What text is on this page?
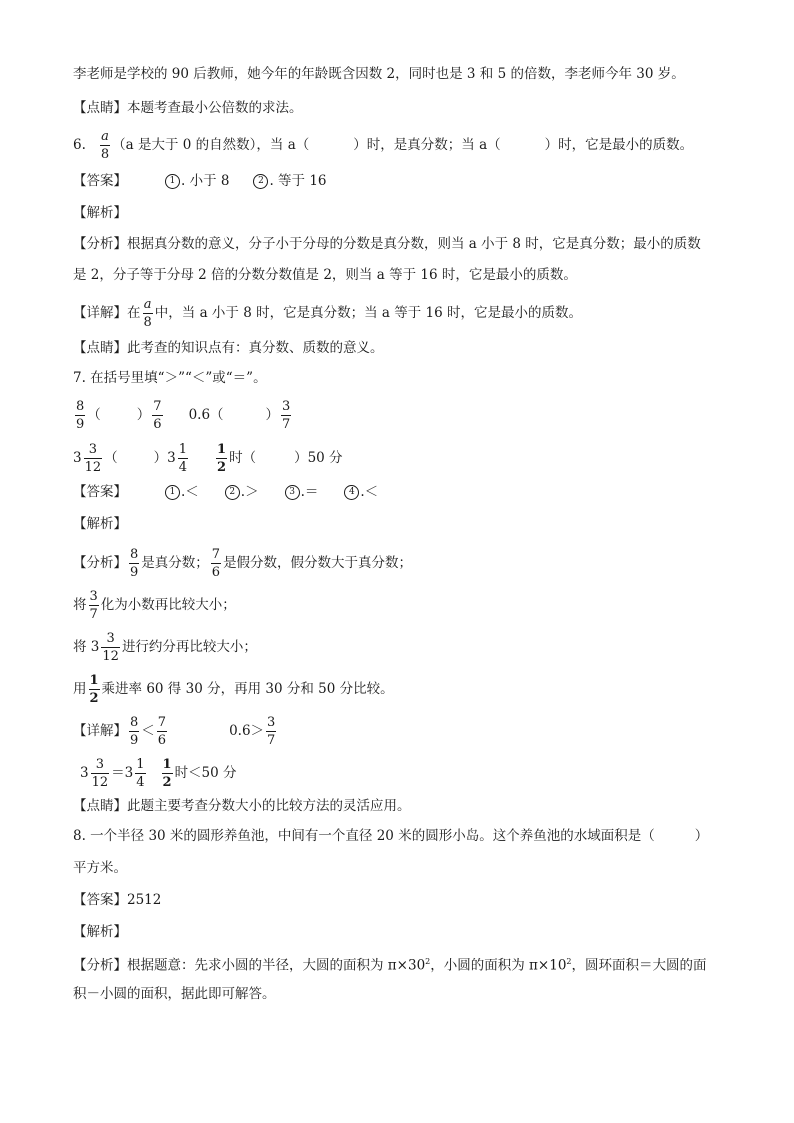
李老师是学校的 90 后教师，她今年的年龄既含因数 2，同时也是 3 和 5 的倍数，李老师今年 30 岁。
【点睛】本题考查最小公倍数的求法。
6. $\frac{a}{8} (a$ 是大于 0 的自然数），当 a（	）时，是真分数；当 a（	）时，它是最小的质数。
【答案】	1 . 小于 8	2 . 等于 16
【解析】
【分析】根据真分数的意义，分子小于分母的分数是真分数，则当 a 小于 8 时，它是真分数；最小的质数
是 2，分子等于分母 2 倍的分数分数值是 2，则当 a 等于 16 时，它是最小的质数。
【详解】在 $\frac{a}{8}$ 中，当 a 小于 8 时，它是真分数；当 a 等于 16 时，它是最小的质数。
【点睛】此考查的知识点有：真分数、质数的意义。
7. 在括号里填“＞”“＜”或“＝”。
$\frac{8}{9}$ （	） $\frac{7}{6} 0.6$（	） $\frac{3}{7}$
$3 \frac{3}{12}$ （	）$3 \frac{1}{4} \frac{1}{2}$ 时（	）50 分
【答案】	1 .＜	2 .＞	3 .＝	4 .＜
【解析】
【分析】 $\frac{8}{9}$ 是真分数； $\frac{7}{6}$ 是假分数，假分数大于真分数；
将 $\frac{3}{7}$ 化为小数再比较大小；
将 $3 \frac{3}{12}$ 进行约分再比较大小；
用 $\frac{1}{2}$ 乘进率 60 得 30 分，再用 30 分和 50 分比较。
【详解】 $\frac{8}{9} < \frac{7}{6}$	$0.6> \frac{3}{7}$
$3 \frac{3}{12} =3 \frac{1}{4} \frac{1}{2}$ 时＜50 分
【点睛】此题主要考查分数大小的比较方法的灵活应用。
8. 一个半径 30 米的圆形养鱼池，中间有一个直径 20 米的圆形小岛。这个养鱼池的水域面积是（	）
平方米。
【答案】2512
【解析】
【分析】根据题意：先求小圆的半径，大圆的面积为 $\pi\times 30^2$，小圆的面积为 $\pi\times 10^2$，圆环面积＝大圆的面
积－小圆的面积，据此即可解答。
